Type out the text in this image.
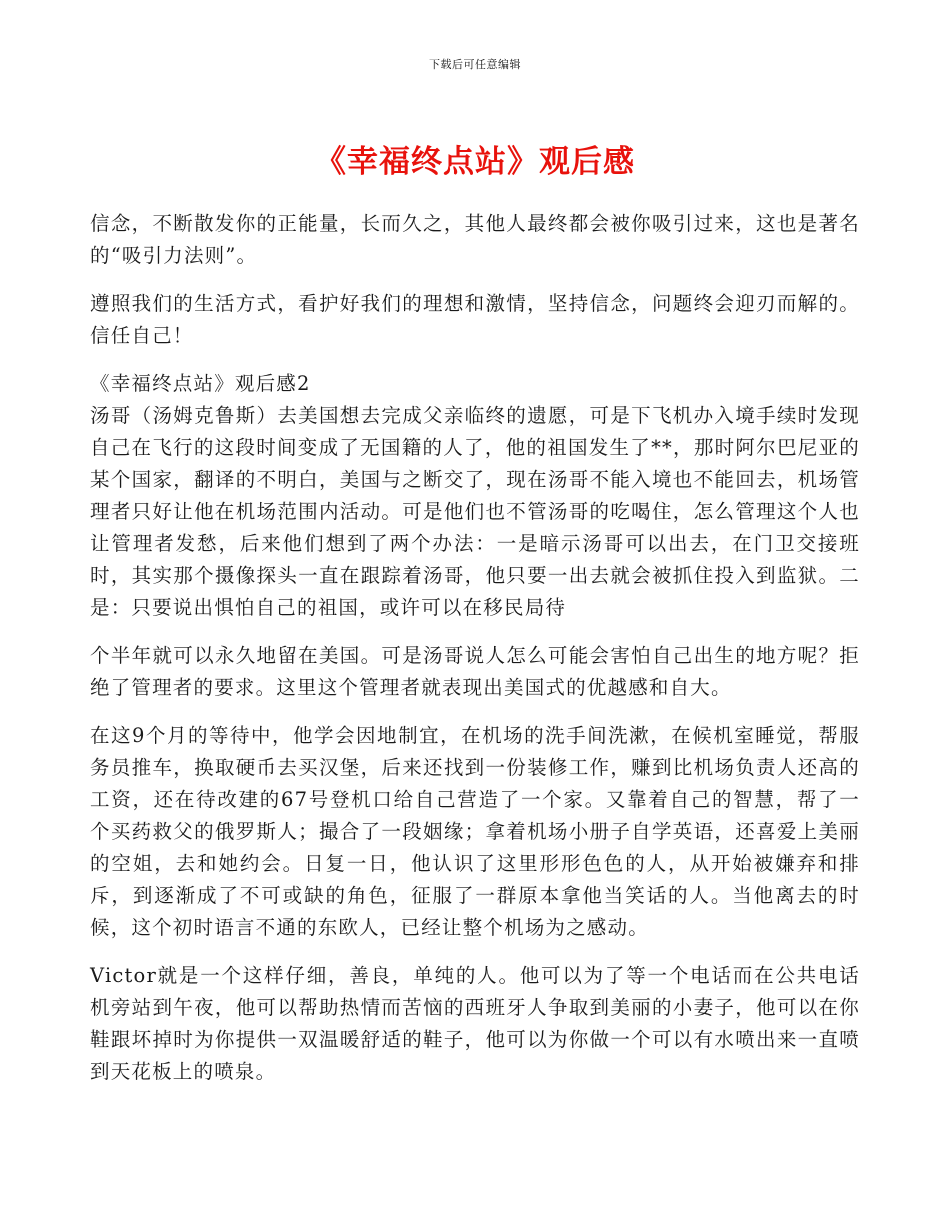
下载后可任意编辑
《幸福终点站》观后感

信念，不断散发你的正能量，长而久之，其他人最终都会被你吸引过来，这也是著名的“吸引力法则”。

遵照我们的生活方式，看护好我们的理想和激情，坚持信念，问题终会迎刃而解的。信任自己！

《幸福终点站》观后感2

汤哥（汤姆克鲁斯）去美国想去完成父亲临终的遗愿，可是下飞机办入境手续时发现自己在飞行的这段时间变成了无国籍的人了，他的祖国发生了**，那时阿尔巴尼亚的某个国家，翻译的不明白，美国与之断交了，现在汤哥不能入境也不能回去，机场管理者只好让他在机场范围内活动。可是他们也不管汤哥的吃喝住，怎么管理这个人也让管理者发愁，后来他们想到了两个办法：一是暗示汤哥可以出去，在门卫交接班时，其实那个摄像探头一直在跟踪着汤哥，他只要一出去就会被抓住投入到监狱。二是：只要说出惧怕自己的祖国，或许可以在移民局待

个半年就可以永久地留在美国。可是汤哥说人怎么可能会害怕自己出生的地方呢？拒绝了管理者的要求。这里这个管理者就表现出美国式的优越感和自大。

在这9个月的等待中，他学会因地制宜，在机场的洗手间洗漱，在候机室睡觉，帮服务员推车，换取硬币去买汉堡，后来还找到一份装修工作，赚到比机场负责人还高的工资，还在待改建的67号登机口给自己营造了一个家。又靠着自己的智慧，帮了一个买药救父的俄罗斯人；撮合了一段姻缘；拿着机场小册子自学英语，还喜爱上美丽的空姐，去和她约会。日复一日，他认识了这里形形色色的人，从开始被嫌弃和排斥，到逐渐成了不可或缺的角色，征服了一群原本拿他当笑话的人。当他离去的时候，这个初时语言不通的东欧人，已经让整个机场为之感动。

Victor就是一个这样仔细，善良，单纯的人。他可以为了等一个电话而在公共电话机旁站到午夜，他可以帮助热情而苦恼的西班牙人争取到美丽的小妻子，他可以在你鞋跟坏掉时为你提供一双温暖舒适的鞋子，他可以为你做一个可以有水喷出来一直喷到天花板上的喷泉。
